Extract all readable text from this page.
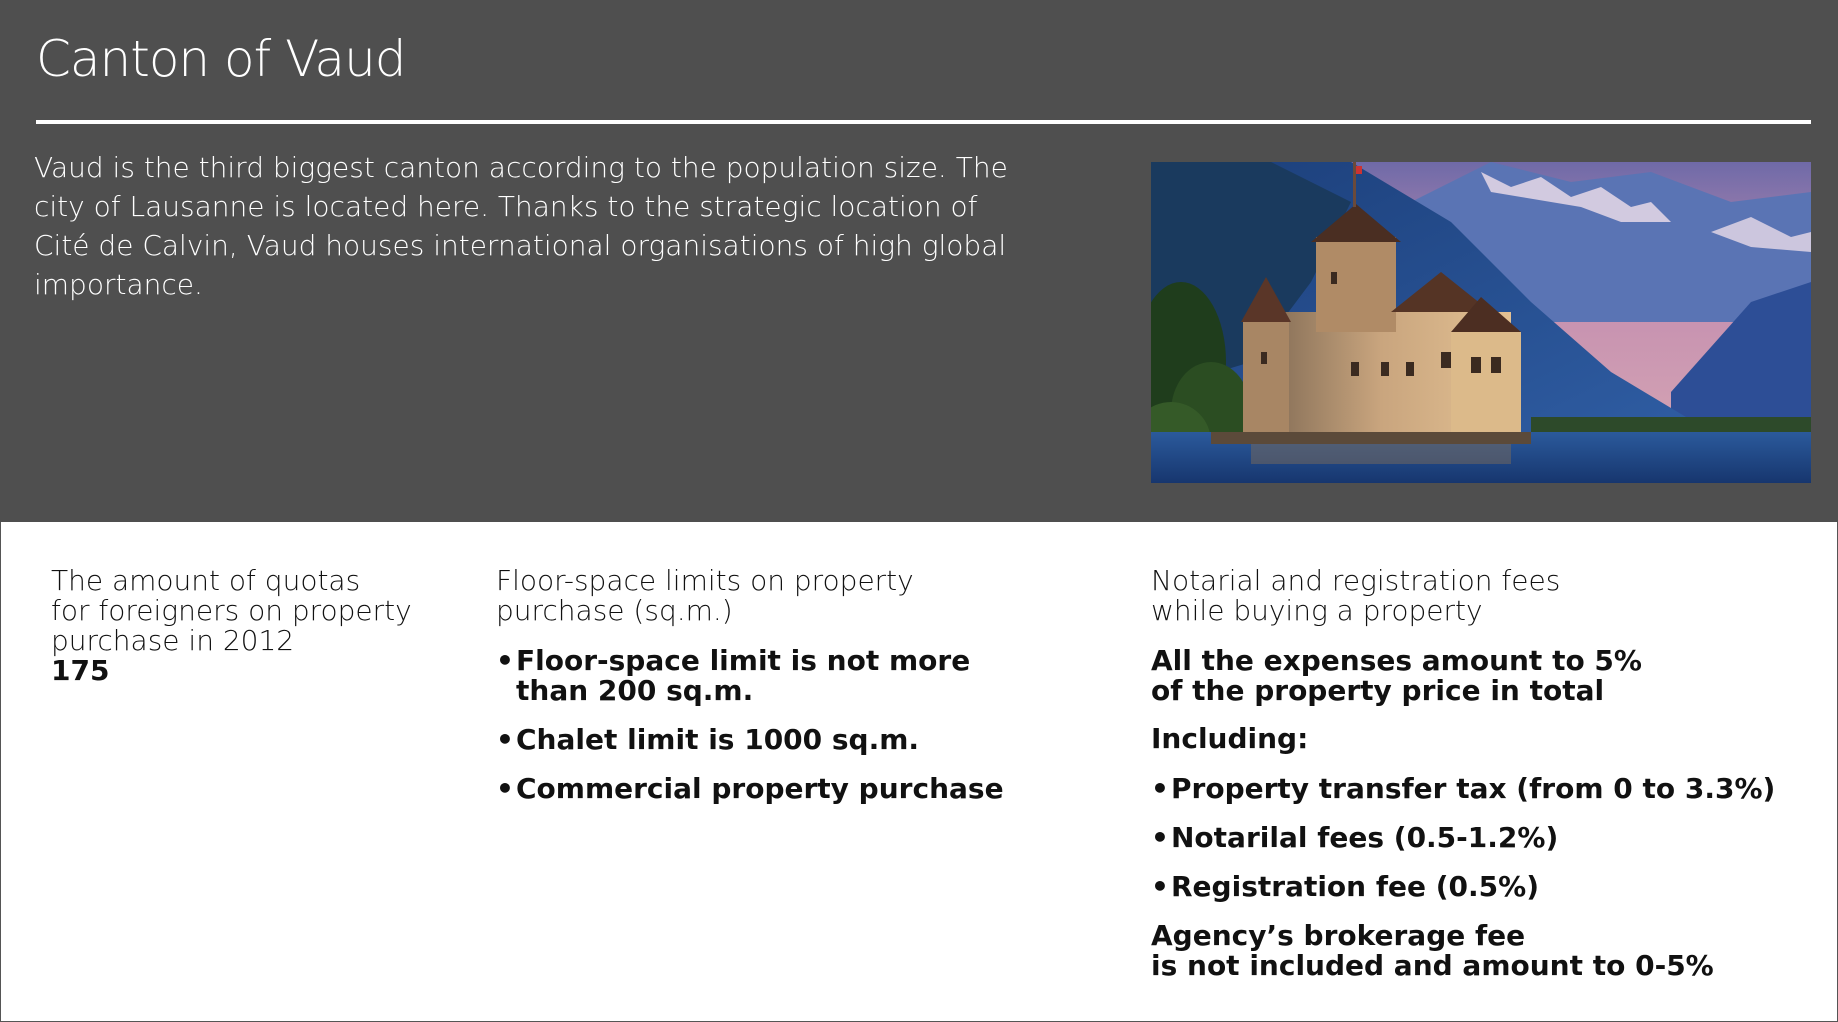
Canton of Vaud

Vaud is the third biggest canton according to the population size. The city of Lausanne is located here. Thanks to the strategic location of Cité de Calvin, Vaud houses international organisations of high global importance.

The amount of quotas
for foreigners on property
purchase in 2012
175
Floor-space limits on property
purchase (sq.m.)
• Floor-space limit is not more
than 200 sq.m.
• Chalet limit is 1000 sq.m.
• Commercial property purchase
Notarial and registration fees
while buying a property
All the expenses amount to 5%
of the property price in total
Including:
• Property transfer tax (from 0 to 3.3%)
• Notarilal fees (0.5-1.2%)
• Registration fee (0.5%)
Agency’s brokerage fee
is not included and amount to 0-5%
